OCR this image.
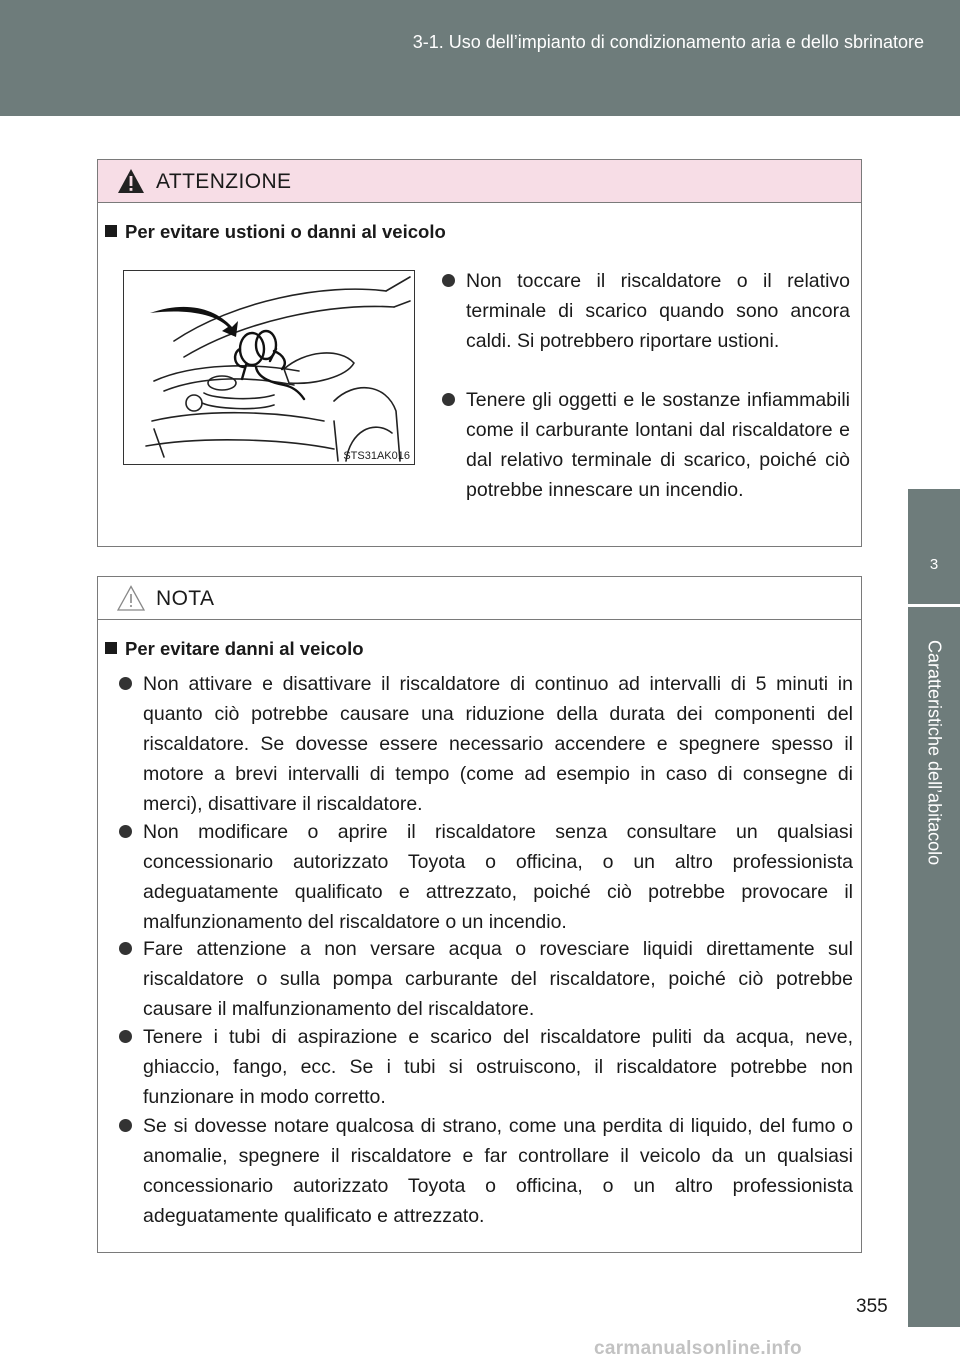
3-1. Uso dell’impianto di condizionamento aria e dello sbrinatore
3
Caratteristiche dell’abitacolo
ATTENZIONE
Per evitare ustioni o danni al veicolo
STS31AK016
Non toccare il riscaldatore o il relativo terminale di scarico quando sono ancora caldi. Si potrebbero riportare ustioni.
Tenere gli oggetti e le sostanze infiammabili come il carburante lontani dal riscaldatore e dal relativo terminale di scarico, poiché ciò potrebbe innescare un incendio.
NOTA
Per evitare danni al veicolo
Non attivare e disattivare il riscaldatore di continuo ad intervalli di 5 minuti in quanto ciò potrebbe causare una riduzione della durata dei componenti del riscaldatore. Se dovesse essere necessario accendere e spegnere spesso il motore a brevi intervalli di tempo (come ad esempio in caso di consegne di merci), disattivare il riscaldatore.
Non modificare o aprire il riscaldatore senza consultare un qualsiasi concessionario autorizzato Toyota o officina, o un altro professionista adeguatamente qualificato e attrezzato, poiché ciò potrebbe provocare il malfunzionamento del riscaldatore o un incendio.
Fare attenzione a non versare acqua o rovesciare liquidi direttamente sul riscaldatore o sulla pompa carburante del riscaldatore, poiché ciò potrebbe causare il malfunzionamento del riscaldatore.
Tenere i tubi di aspirazione e scarico del riscaldatore puliti da acqua, neve, ghiaccio, fango, ecc. Se i tubi si ostruiscono, il riscaldatore potrebbe non funzionare in modo corretto.
Se si dovesse notare qualcosa di strano, come una perdita di liquido, del fumo o anomalie, spegnere il riscaldatore e far controllare il veicolo da un qualsiasi concessionario autorizzato Toyota o officina, o un altro professionista adeguatamente qualificato e attrezzato.
355
carmanualsonline.info
